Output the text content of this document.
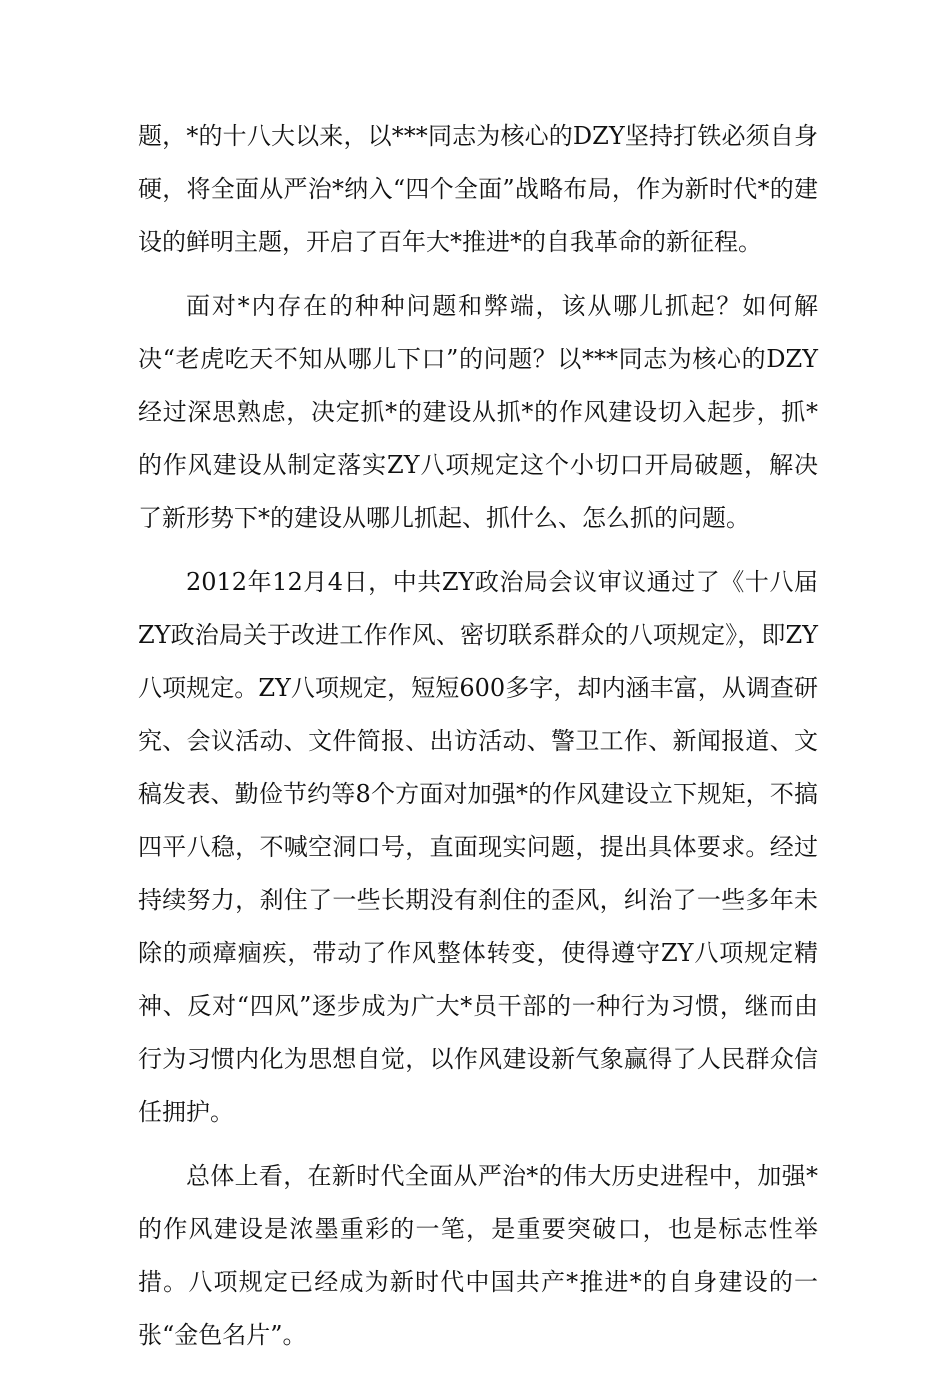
题，*的十八大以来，以***同志为核心的DZY坚持打铁必须自身硬，将全面从严治*纳入“四个全面”战略布局，作为新时代*的建设的鲜明主题，开启了百年大*推进*的自我革命的新征程。

面对*内存在的种种问题和弊端，该从哪儿抓起？如何解决“老虎吃天不知从哪儿下口”的问题？以***同志为核心的DZY经过深思熟虑，决定抓*的建设从抓*的作风建设切入起步，抓*的作风建设从制定落实ZY八项规定这个小切口开局破题，解决了新形势下*的建设从哪儿抓起、抓什么、怎么抓的问题。

2012年12月4日，中共ZY政治局会议审议通过了《十八届ZY政治局关于改进工作作风、密切联系群众的八项规定》，即ZY八项规定。ZY八项规定，短短600多字，却内涵丰富，从调查研究、会议活动、文件简报、出访活动、警卫工作、新闻报道、文稿发表、勤俭节约等8个方面对加强*的作风建设立下规矩，不搞四平八稳，不喊空洞口号，直面现实问题，提出具体要求。经过持续努力，刹住了一些长期没有刹住的歪风，纠治了一些多年未除的顽瘴痼疾，带动了作风整体转变，使得遵守ZY八项规定精神、反对“四风”逐步成为广大*员干部的一种行为习惯，继而由行为习惯内化为思想自觉，以作风建设新气象赢得了人民群众信任拥护。

总体上看，在新时代全面从严治*的伟大历史进程中，加强*的作风建设是浓墨重彩的一笔，是重要突破口，也是标志性举措。八项规定已经成为新时代中国共产*推进*的自身建设的一张“金色名片”。
